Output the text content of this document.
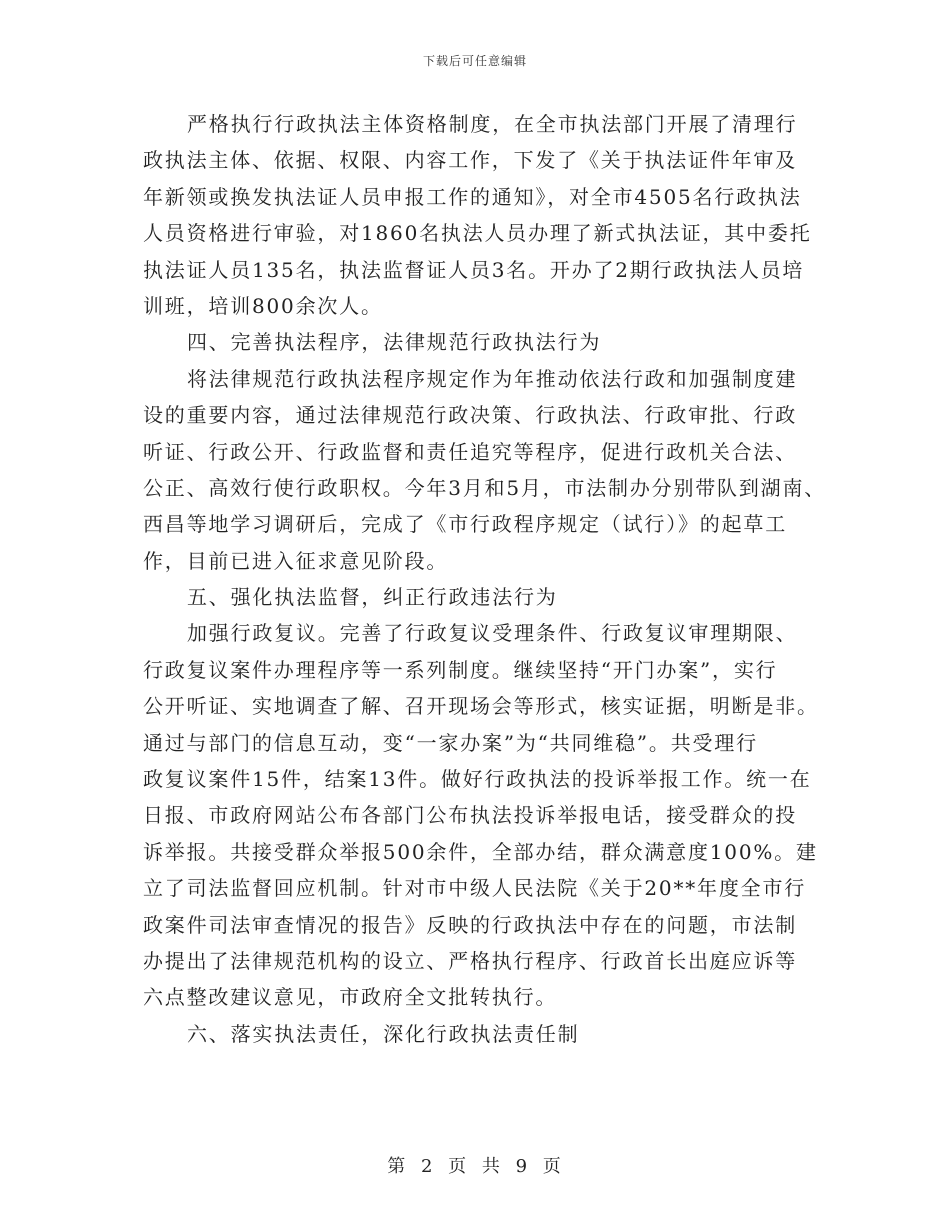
下载后可任意编辑
严格执行行政执法主体资格制度，在全市执法部门开展了清理行
政执法主体、依据、权限、内容工作，下发了《关于执法证件年审及
年新领或换发执法证人员申报工作的通知》，对全市4505名行政执法
人员资格进行审验，对1860名执法人员办理了新式执法证，其中委托
执法证人员135名，执法监督证人员3名。开办了2期行政执法人员培
训班，培训800余次人。
四、完善执法程序，法律规范行政执法行为
将法律规范行政执法程序规定作为年推动依法行政和加强制度建
设的重要内容，通过法律规范行政决策、行政执法、行政审批、行政
听证、行政公开、行政监督和责任追究等程序，促进行政机关合法、
公正、高效行使行政职权。今年3月和5月，市法制办分别带队到湖南、
西昌等地学习调研后，完成了《市行政程序规定（试行）》的起草工
作，目前已进入征求意见阶段。
五、强化执法监督，纠正行政违法行为
加强行政复议。完善了行政复议受理条件、行政复议审理期限、
行政复议案件办理程序等一系列制度。继续坚持“开门办案”，实行
公开听证、实地调查了解、召开现场会等形式，核实证据，明断是非。
通过与部门的信息互动，变“一家办案”为“共同维稳”。共受理行
政复议案件15件，结案13件。做好行政执法的投诉举报工作。统一在
日报、市政府网站公布各部门公布执法投诉举报电话，接受群众的投
诉举报。共接受群众举报500余件，全部办结，群众满意度100%。建
立了司法监督回应机制。针对市中级人民法院《关于20**年度全市行
政案件司法审查情况的报告》反映的行政执法中存在的问题，市法制
办提出了法律规范机构的设立、严格执行程序、行政首长出庭应诉等
六点整改建议意见，市政府全文批转执行。
六、落实执法责任，深化行政执法责任制
第 2 页 共 9 页
